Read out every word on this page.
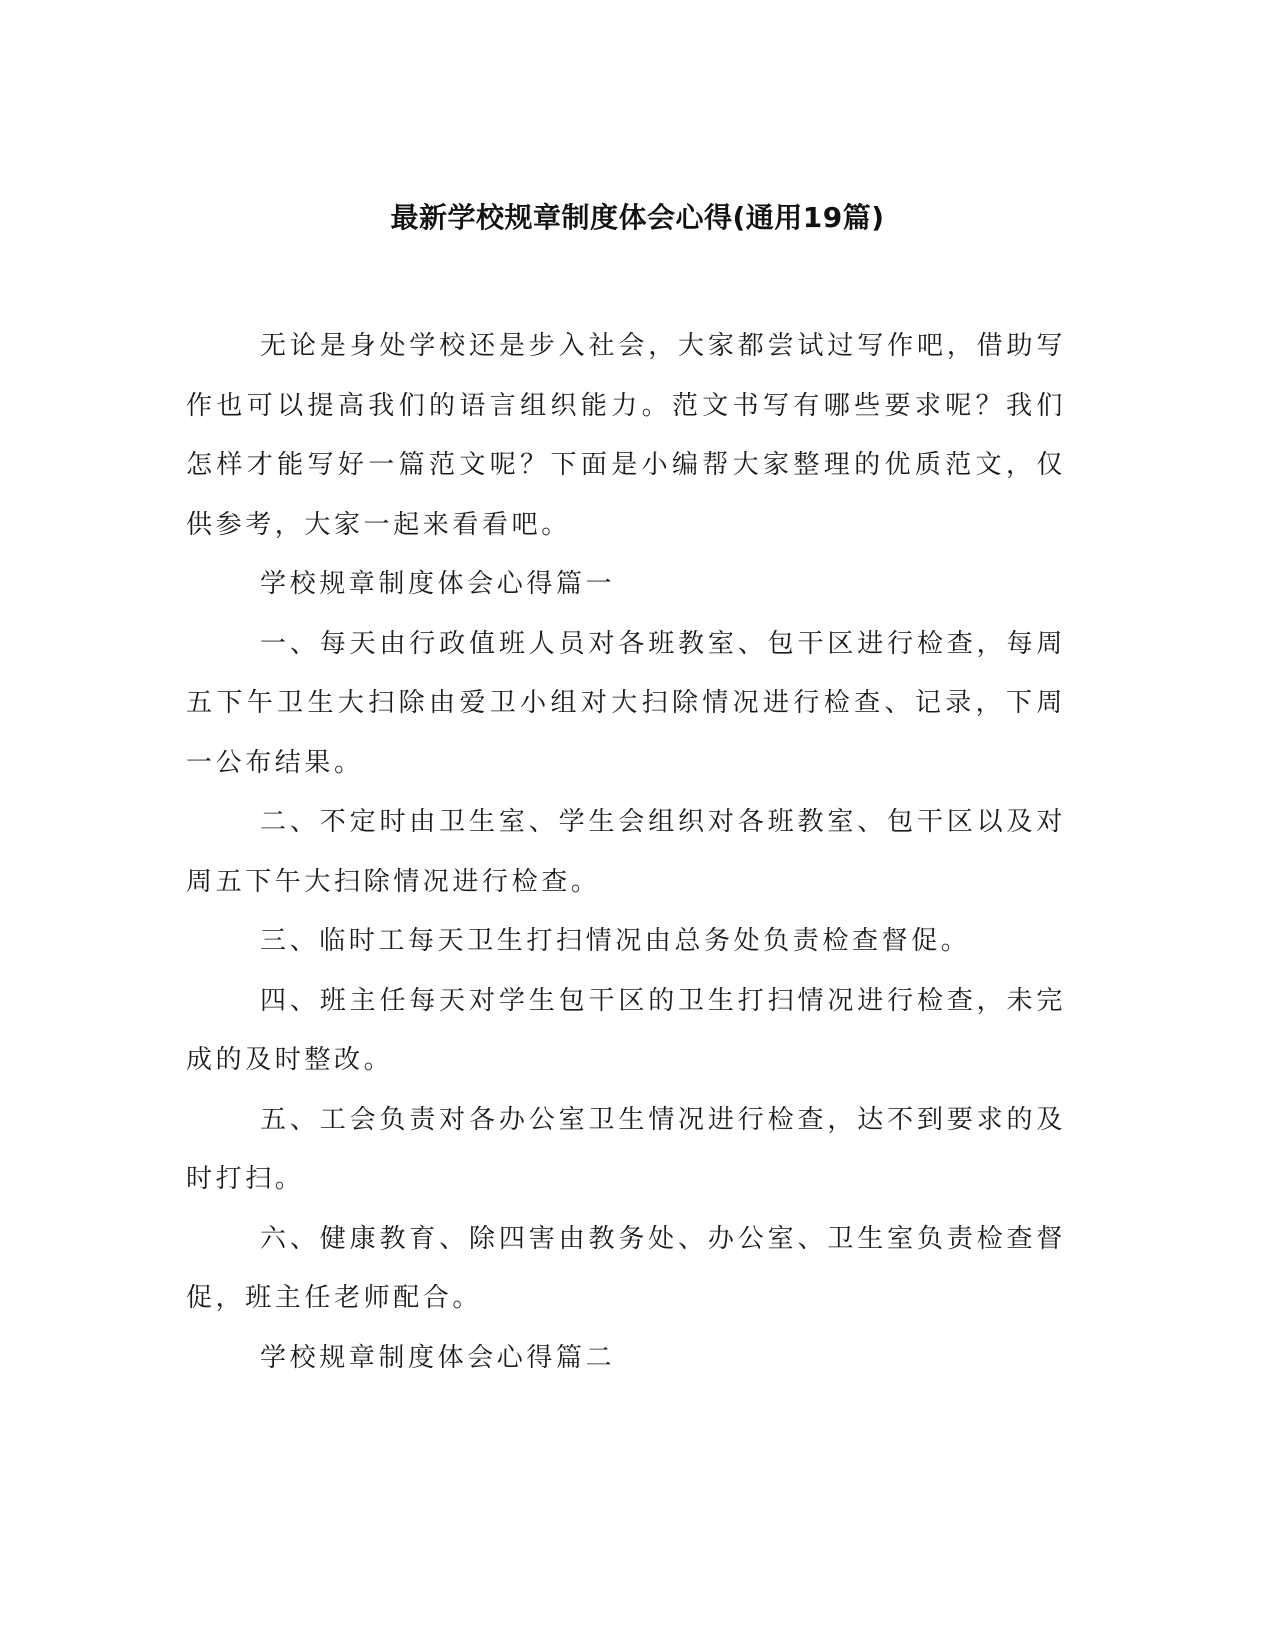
最新学校规章制度体会心得(通用19篇)

无论是身处学校还是步入社会，大家都尝试过写作吧，借助写作也可以提高我们的语言组织能力。范文书写有哪些要求呢？我们怎样才能写好一篇范文呢？下面是小编帮大家整理的优质范文，仅供参考，大家一起来看看吧。

学校规章制度体会心得篇一

一、每天由行政值班人员对各班教室、包干区进行检查，每周五下午卫生大扫除由爱卫小组对大扫除情况进行检查、记录，下周一公布结果。

二、不定时由卫生室、学生会组织对各班教室、包干区以及对周五下午大扫除情况进行检查。

三、临时工每天卫生打扫情况由总务处负责检查督促。

四、班主任每天对学生包干区的卫生打扫情况进行检查，未完成的及时整改。

五、工会负责对各办公室卫生情况进行检查，达不到要求的及时打扫。

六、健康教育、除四害由教务处、办公室、卫生室负责检查督促，班主任老师配合。

学校规章制度体会心得篇二
